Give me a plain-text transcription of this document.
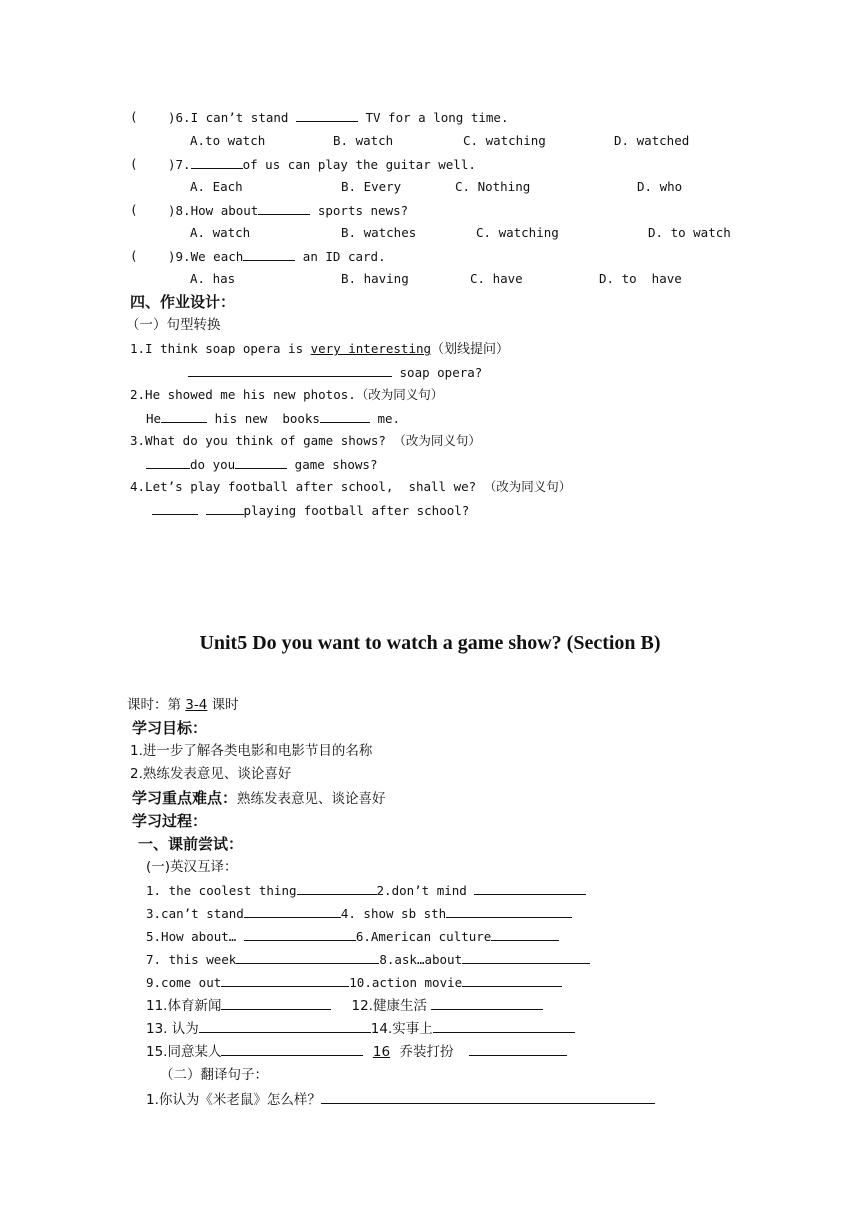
( )6.I can’t stand	TV for a long time.
A.to watch	B. watch	C. watching	D. watched
( )7.	of us can play the guitar well.
A. Each	B. Every	C. Nothing	D. who
( )8.How about	sports news?
A. watch	B. watches	C. watching	D. to watch
( )9.We each	an ID card.
A. has	B. having	C. have	D. to  have
四、作业设计：
（一）句型转换
1.I think soap opera is very interesting（划线提问）
soap opera?
2.He showed me his new photos.（改为同义句）
He	his new  books	me.
3.What do you think of game shows? （改为同义句）
do you	game shows?
4.Let’s play football after school,  shall we? （改为同义句）
playing football after school?
Unit5 Do you want to watch a game show? (Section B)
课时：第 3-4 课时
学习目标：
1.进一步了解各类电影和电影节目的名称
2.熟练发表意见、谈论喜好
学习重点难点：熟练发表意见、谈论喜好
学习过程：
一、课前尝试：
(一)英汉互译：
1. the coolest thing	2.don’t mind
3.can’t stand	4. show sb sth
5.How about…	6.American culture
7. this week	8.ask…about
9.come out	10.action movie
11.体育新闻	12.健康生活
13. 认为	14.实事上
15.同意某人	16 乔装打扮
（二）翻译句子：
1.你认为《米老鼠》怎么样？
